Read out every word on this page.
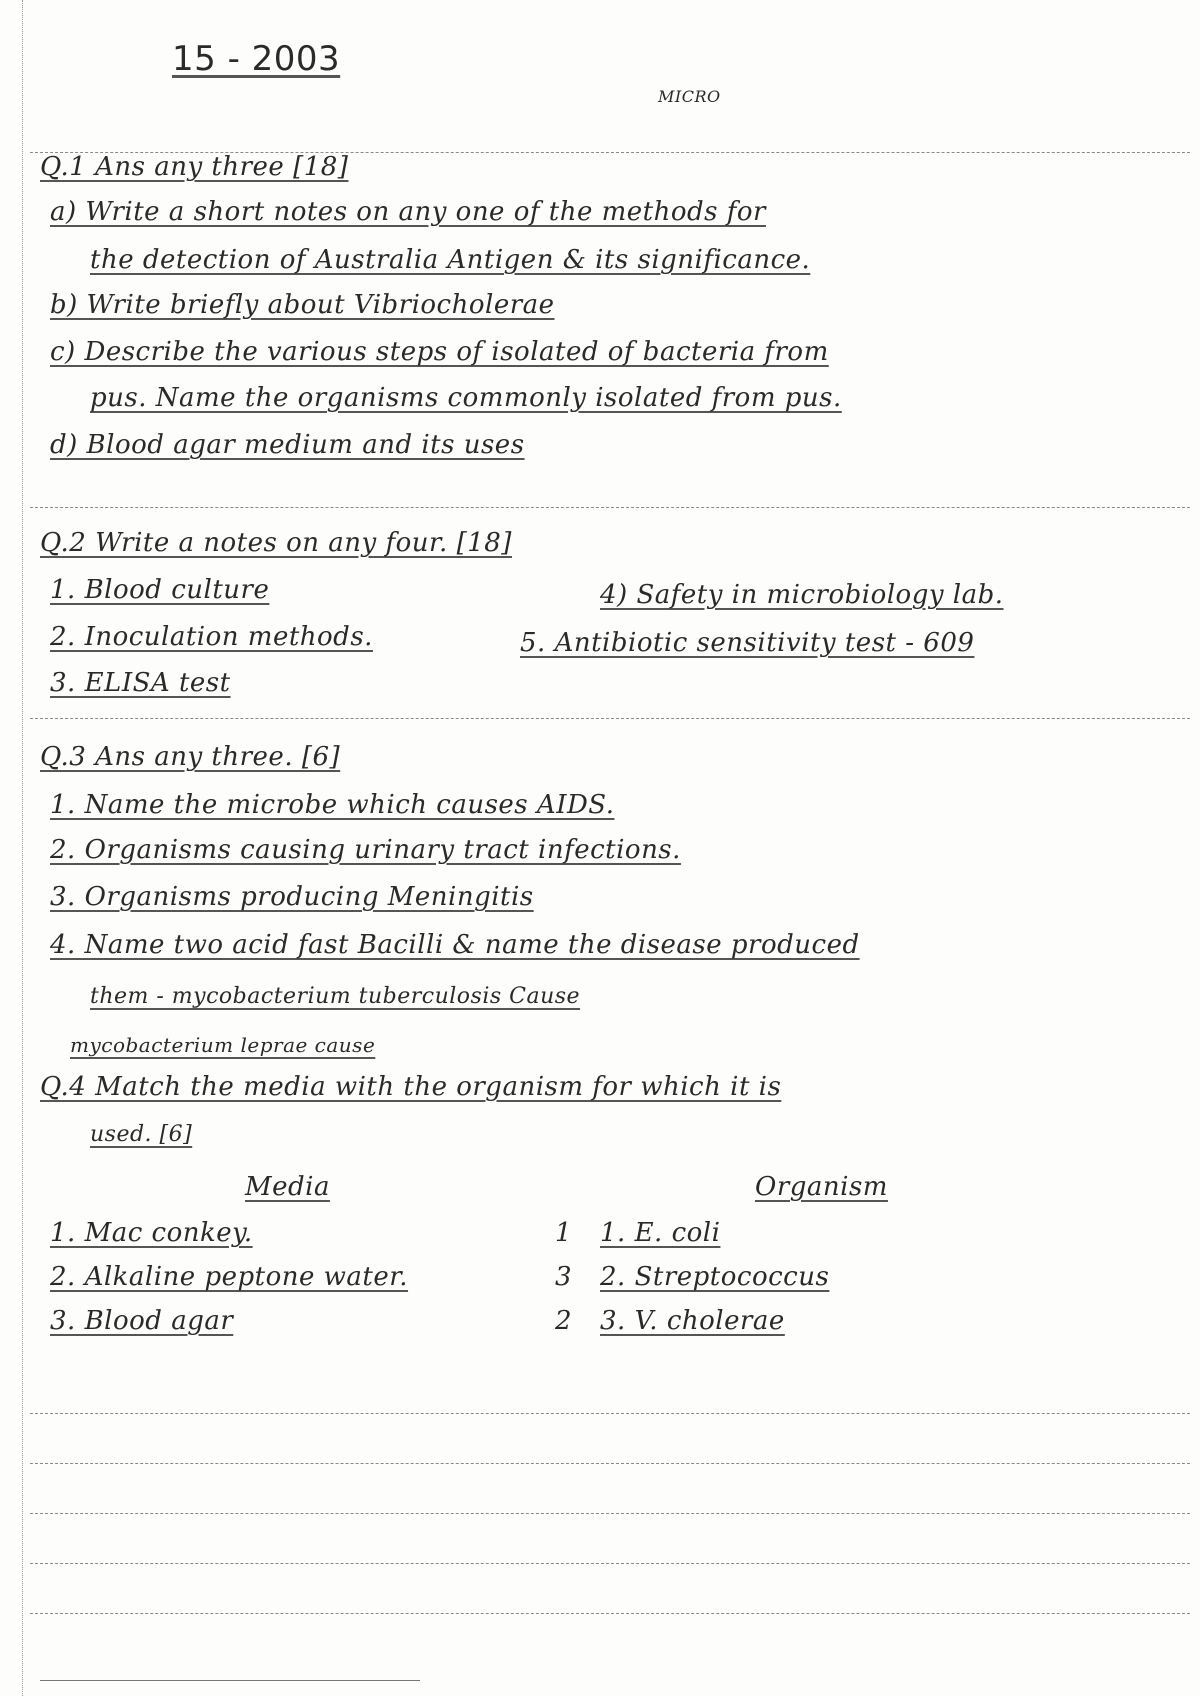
15 - 2003
MICRO
Q.1 Ans any three [18]
a) Write a short notes on any one of the methods for
the detection of Australia Antigen & its significance.
b) Write briefly about Vibriocholerae
c) Describe the various steps of isolated of bacteria from
pus. Name the organisms commonly isolated from pus.
d) Blood agar medium and its uses
Q.2 Write a notes on any four. [18]
1. Blood culture	4) Safety in microbiology lab.
2. Inoculation methods.	5. Antibiotic sensitivity test - 609
3. ELISA test
Q.3 Ans any three. [6]
1. Name the microbe which causes AIDS.
2. Organisms causing urinary tract infections.
3. Organisms producing Meningitis
4. Name two acid fast Bacilli & name the disease produced
them - mycobacterium tuberculosis Cause
mycobacterium leprae cause
Q.4 Match the media with the organism for which it is
used. [6]
Media	Organism
1. Mac conkey.	1 1. E. coli
2. Alkaline peptone water.	3 2. Streptococcus
3. Blood agar	2 3. V. cholerae
